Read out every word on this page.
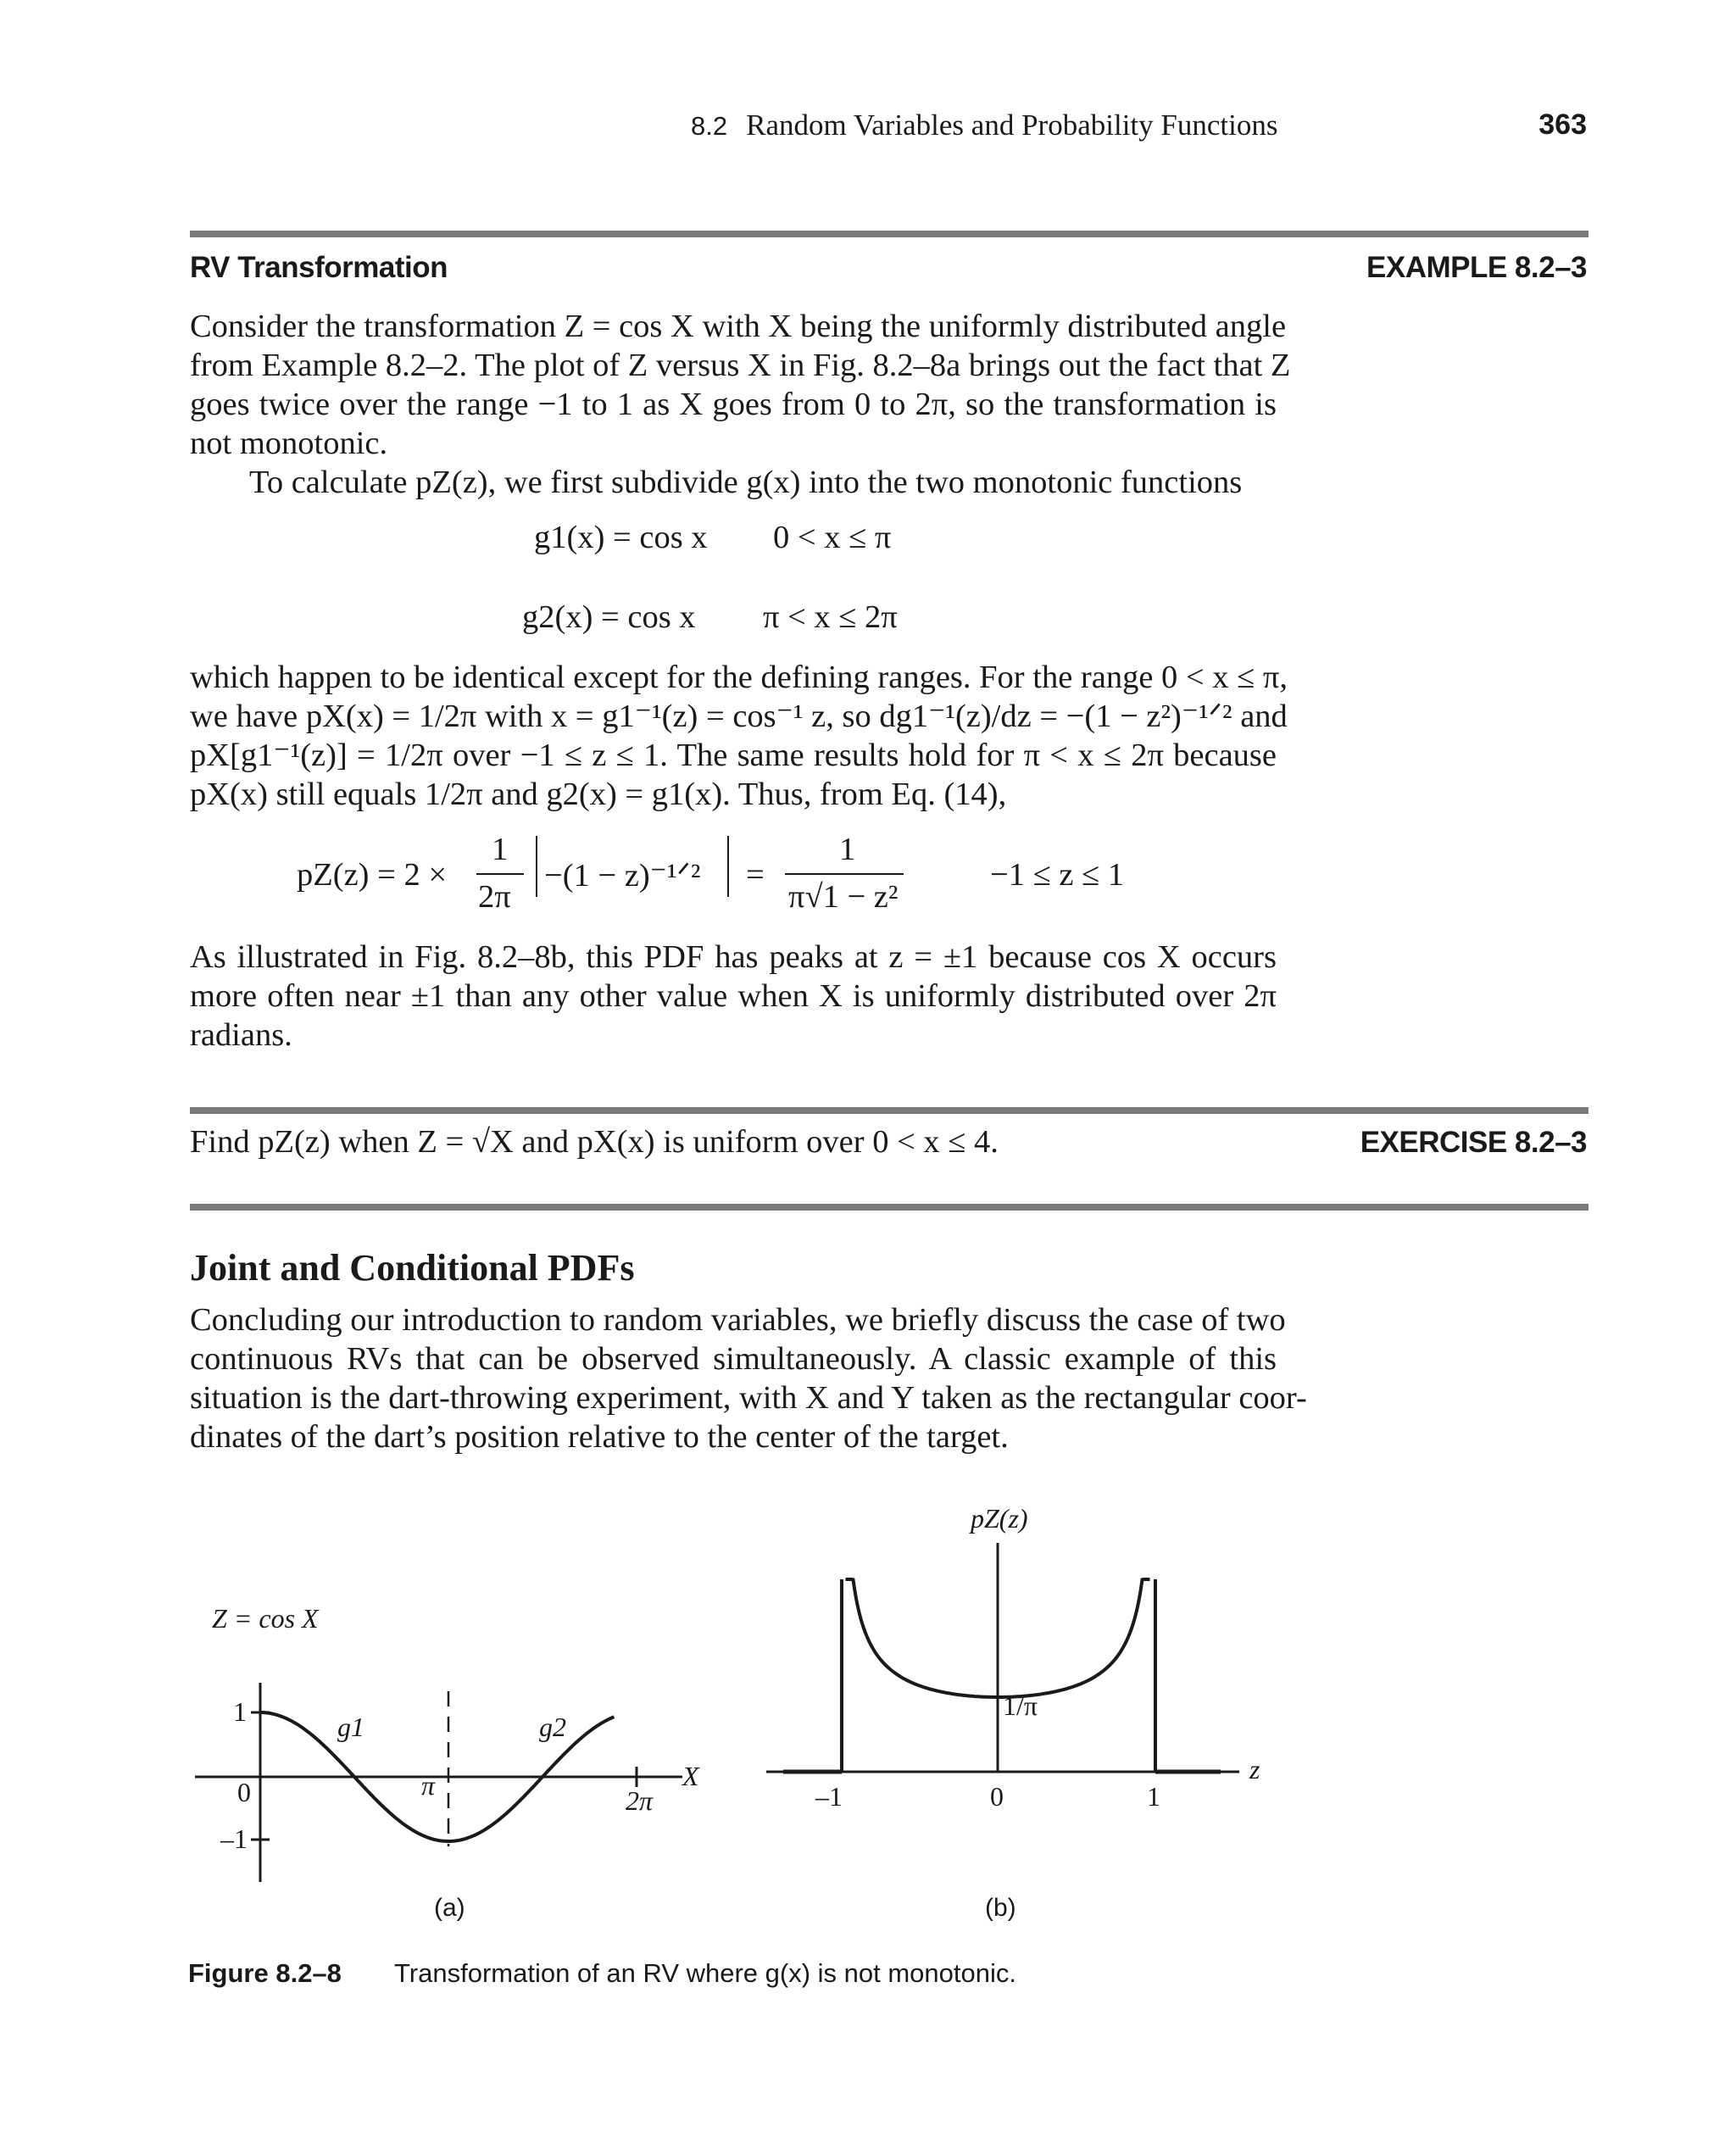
8.2 Random Variables and Probability Functions	363
RV Transformation	EXAMPLE 8.2–3
Consider the transformation Z = cos X with X being the uniformly distributed angle
from Example 8.2–2. The plot of Z versus X in Fig. 8.2–8a brings out the fact that Z
goes twice over the range −1 to 1 as X goes from 0 to 2π, so the transformation is
not monotonic.
To calculate pZ(z), we first subdivide g(x) into the two monotonic functions
g1(x) = cos x 0 < x ≤ π
g2(x) = cos x π < x ≤ 2π
which happen to be identical except for the defining ranges. For the range 0 < x ≤ π,
we have pX(x) = 1/2π with x = g1⁻¹(z) = cos⁻¹ z, so dg1⁻¹(z)/dz = −(1 − z²)⁻¹ᐟ² and
pX[g1⁻¹(z)] = 1/2π over −1 ≤ z ≤ 1. The same results hold for π < x ≤ 2π because
pX(x) still equals 1/2π and g2(x) = g1(x). Thus, from Eq. (14),
pZ(z) = 2 ×
1
2π
−(1 − z)⁻¹ᐟ² =
1
π√1 − z²
−1 ≤ z ≤ 1
As illustrated in Fig. 8.2–8b, this PDF has peaks at z = ±1 because cos X occurs
more often near ±1 than any other value when X is uniformly distributed over 2π
radians.
Find pZ(z) when Z = √X and pX(x) is uniform over 0 < x ≤ 4.	EXERCISE 8.2–3
Joint and Conditional PDFs
Concluding our introduction to random variables, we briefly discuss the case of two
continuous RVs that can be observed simultaneously. A classic example of this
situation is the dart-throwing experiment, with X and Y taken as the rectangular coor-
dinates of the dart’s position relative to the center of the target.
Z = cos X
X
1
0
–1
π	2π
g1	g2
(a)
pZ(z)
z
1/π
–1	0	1
(b)
Figure 8.2–8 Transformation of an RV where g(x) is not monotonic.
